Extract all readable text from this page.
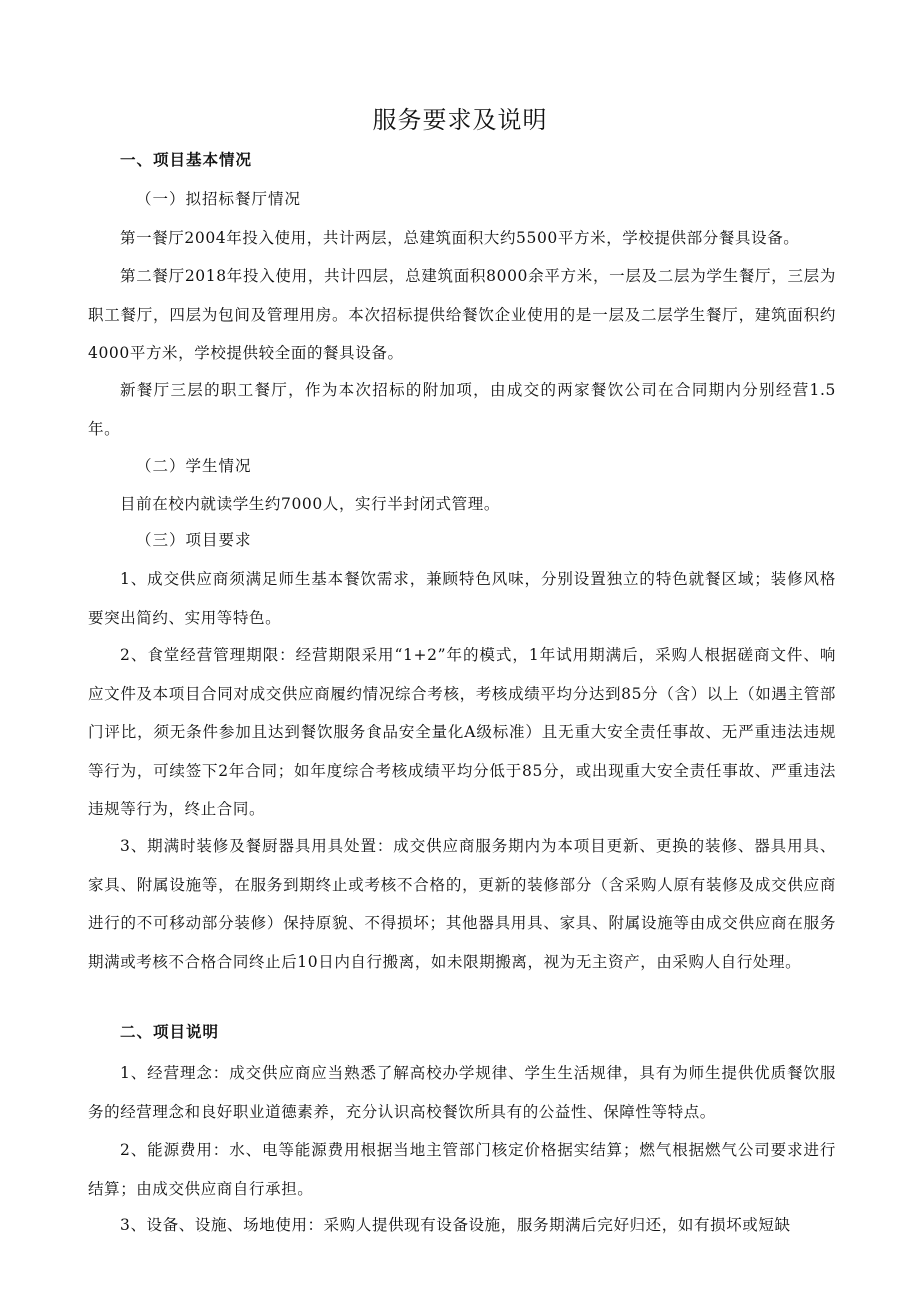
服务要求及说明
一、项目基本情况
（一）拟招标餐厅情况
第一餐厅2004年投入使用，共计两层，总建筑面积大约5500平方米，学校提供部分餐具设备。
第二餐厅2018年投入使用，共计四层，总建筑面积8000余平方米，一层及二层为学生餐厅，三层为职工餐厅，四层为包间及管理用房。本次招标提供给餐饮企业使用的是一层及二层学生餐厅，建筑面积约4000平方米，学校提供较全面的餐具设备。
新餐厅三层的职工餐厅，作为本次招标的附加项，由成交的两家餐饮公司在合同期内分别经营1.5年。
（二）学生情况
目前在校内就读学生约7000人，实行半封闭式管理。
（三）项目要求
1、成交供应商须满足师生基本餐饮需求，兼顾特色风味，分别设置独立的特色就餐区域；装修风格要突出简约、实用等特色。
2、食堂经营管理期限：经营期限采用“1+2”年的模式，1年试用期满后，采购人根据磋商文件、响应文件及本项目合同对成交供应商履约情况综合考核，考核成绩平均分达到85分（含）以上（如遇主管部门评比，须无条件参加且达到餐饮服务食品安全量化A级标准）且无重大安全责任事故、无严重违法违规等行为，可续签下2年合同；如年度综合考核成绩平均分低于85分，或出现重大安全责任事故、严重违法违规等行为，终止合同。
3、期满时装修及餐厨器具用具处置：成交供应商服务期内为本项目更新、更换的装修、器具用具、家具、附属设施等，在服务到期终止或考核不合格的，更新的装修部分（含采购人原有装修及成交供应商进行的不可移动部分装修）保持原貌、不得损坏；其他器具用具、家具、附属设施等由成交供应商在服务期满或考核不合格合同终止后10日内自行搬离，如未限期搬离，视为无主资产，由采购人自行处理。
二、项目说明
1、经营理念：成交供应商应当熟悉了解高校办学规律、学生生活规律，具有为师生提供优质餐饮服务的经营理念和良好职业道德素养，充分认识高校餐饮所具有的公益性、保障性等特点。
2、能源费用：水、电等能源费用根据当地主管部门核定价格据实结算；燃气根据燃气公司要求进行结算；由成交供应商自行承担。
3、设备、设施、场地使用：采购人提供现有设备设施，服务期满后完好归还，如有损坏或短缺
